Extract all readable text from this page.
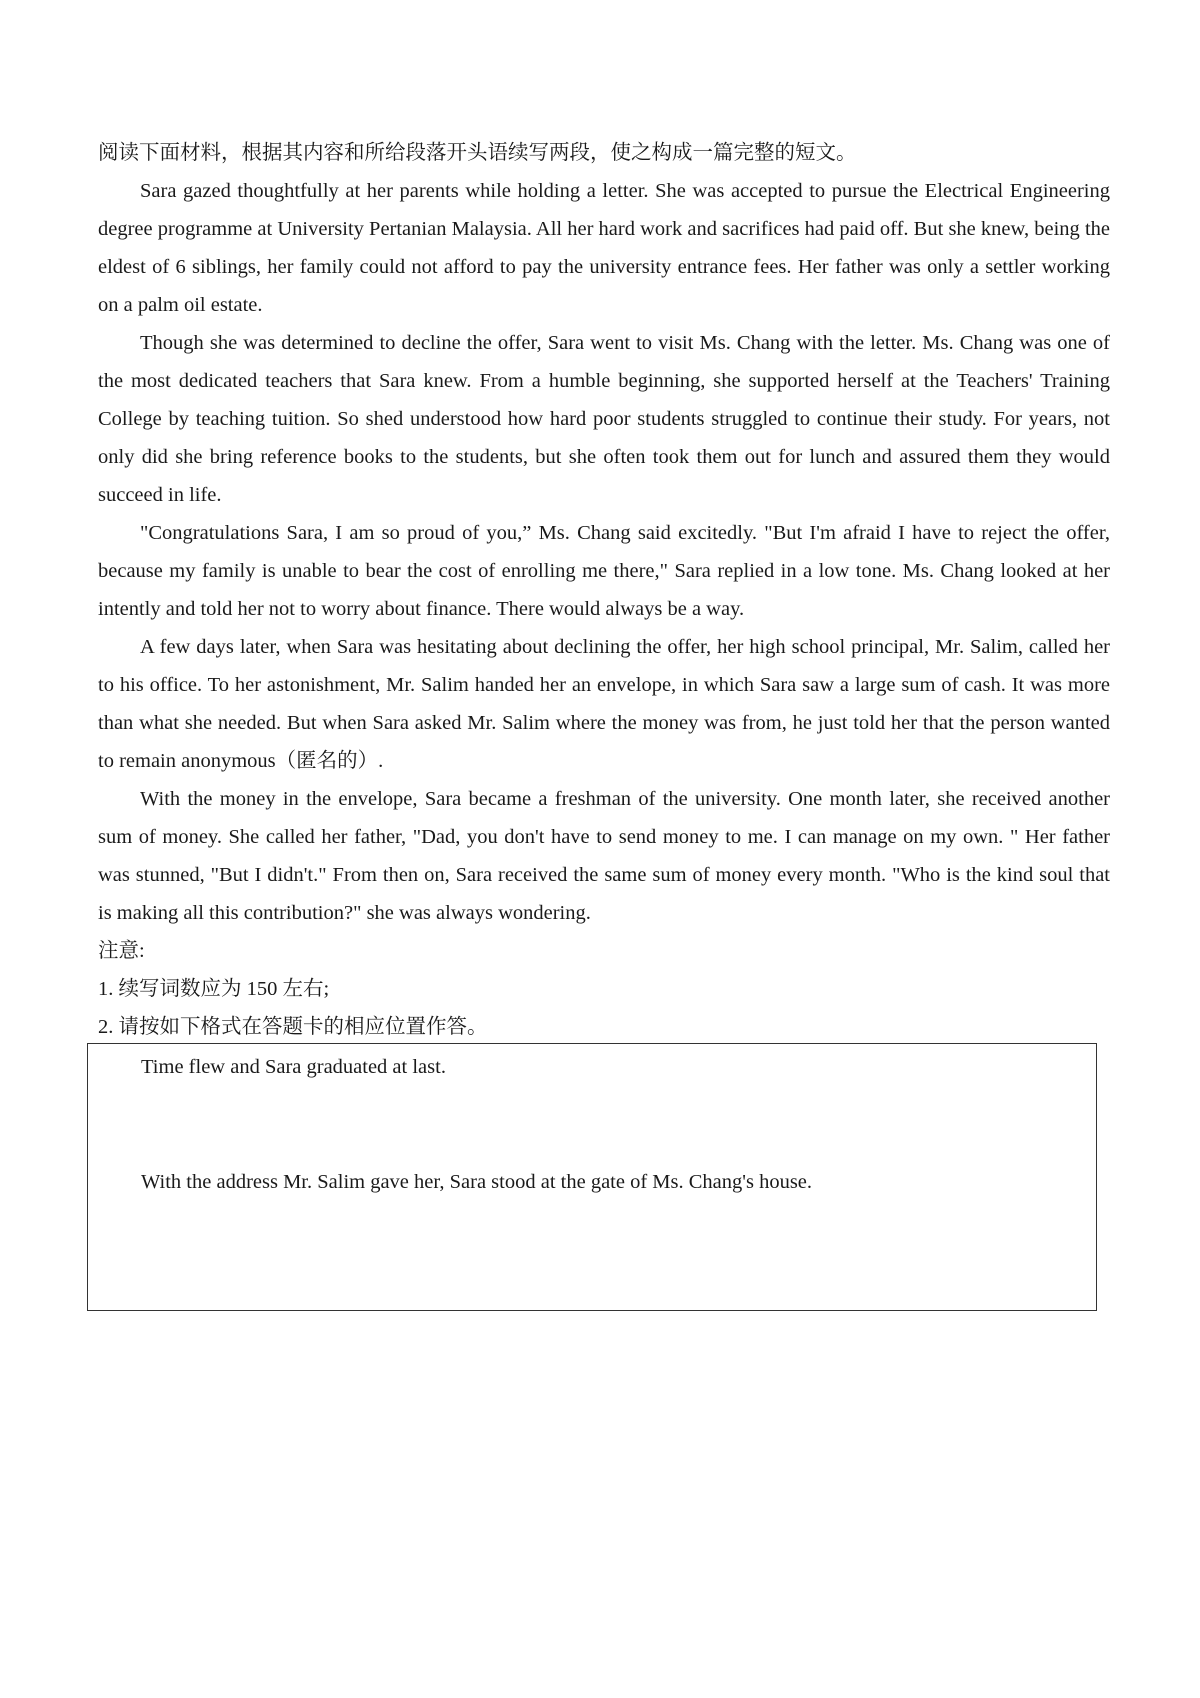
阅读下面材料，根据其内容和所给段落开头语续写两段，使之构成一篇完整的短文。

Sara gazed thoughtfully at her parents while holding a letter. She was accepted to pursue the Electrical Engineering degree programme at University Pertanian Malaysia. All her hard work and sacrifices had paid off. But she knew, being the eldest of 6 siblings, her family could not afford to pay the university entrance fees. Her father was only a settler working on a palm oil estate.

Though she was determined to decline the offer, Sara went to visit Ms. Chang with the letter. Ms. Chang was one of the most dedicated teachers that Sara knew. From a humble beginning, she supported herself at the Teachers' Training College by teaching tuition. So shed understood how hard poor students struggled to continue their study. For years, not only did she bring reference books to the students, but she often took them out for lunch and assured them they would succeed in life.

"Congratulations Sara, I am so proud of you,” Ms. Chang said excitedly. "But I'm afraid I have to reject the offer, because my family is unable to bear the cost of enrolling me there," Sara replied in a low tone. Ms. Chang looked at her intently and told her not to worry about finance. There would always be a way.

A few days later, when Sara was hesitating about declining the offer, her high school principal, Mr. Salim, called her to his office. To her astonishment, Mr. Salim handed her an envelope, in which Sara saw a large sum of cash. It was more than what she needed. But when Sara asked Mr. Salim where the money was from, he just told her that the person wanted to remain anonymous（匿名的）.

With the money in the envelope, Sara became a freshman of the university. One month later, she received another sum of money. She called her father, "Dad, you don't have to send money to me. I can manage on my own. " Her father was stunned, "But I didn't." From then on, Sara received the same sum of money every month. "Who is the kind soul that is making all this contribution?" she was always wondering.

注意:

1. 续写词数应为 150 左右;

2. 请按如下格式在答题卡的相应位置作答。

Time flew and Sara graduated at last.

With the address Mr. Salim gave her, Sara stood at the gate of Ms. Chang's house.
